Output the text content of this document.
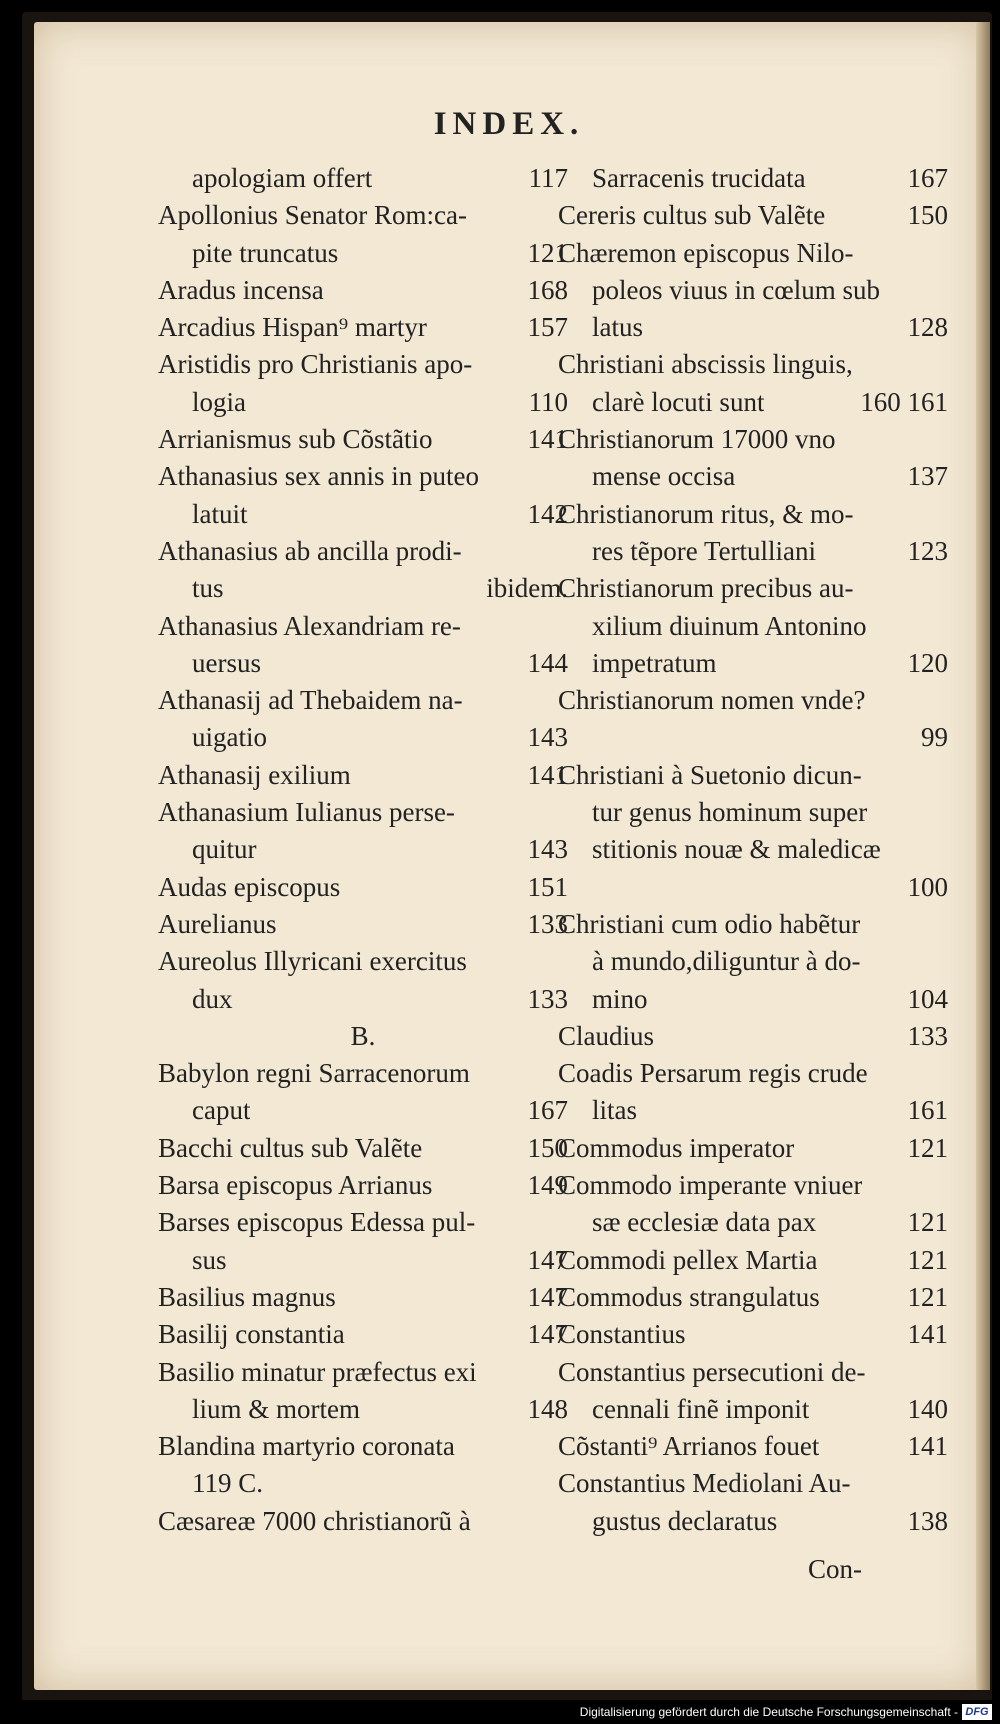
INDEX.
apologiam offert	117
Apollonius Senator Rom:ca-
pite truncatus	121
Aradus incensa	168
Arcadius Hispan⁹ martyr	157
Aristidis pro Christianis apo-
logia	110
Arrianismus sub Cõstãtio	141
Athanasius sex annis in puteo
latuit	142
Athanasius ab ancilla prodi-
tus	ibidem.
Athanasius Alexandriam re-
uersus	144
Athanasij ad Thebaidem na-
uigatio	143
Athanasij exilium	141
Athanasium Iulianus perse-
quitur	143
Audas episcopus	151
Aurelianus	133
Aureolus Illyricani exercitus
dux	133
B.
Babylon regni Sarracenorum
caput	167
Bacchi cultus sub Valẽte	150
Barsa episcopus Arrianus	149
Barses episcopus Edessa pul-
sus	147
Basilius magnus	147
Basilij constantia	147
Basilio minatur præfectus exi
lium & mortem	148
Blandina martyrio coronata
119 C.
Cæsareæ 7000 christianorũ à
Sarracenis trucidata	167
Cereris cultus sub Valẽte	150
Chæremon episcopus Nilo-
poleos viuus in cœlum sub
latus	128
Christiani abscissis linguis,
clarè locuti sunt	160 161
Christianorum 17000 vno
mense occisa	137
Christianorum ritus, & mo-
res tẽpore Tertulliani	123
Christianorum precibus au-
xilium diuinum Antonino
impetratum	120
Christianorum nomen vnde?
99
Christiani à Suetonio dicun-
tur genus hominum super
stitionis nouæ & maledicæ
100
Christiani cum odio habẽtur
à mundo,diliguntur à do-
mino	104
Claudius	133
Coadis Persarum regis crude
litas	161
Commodus imperator	121
Commodo imperante vniuer
sæ ecclesiæ data pax	121
Commodi pellex Martia	121
Commodus strangulatus	121
Constantius	141
Constantius persecutioni de-
cennali finẽ imponit	140
Cõstanti⁹ Arrianos fouet	141
Constantius Mediolani Au-
gustus declaratus	138
Con-
Digitalisierung gefördert durch die Deutsche Forschungsgemeinschaft - DFG
